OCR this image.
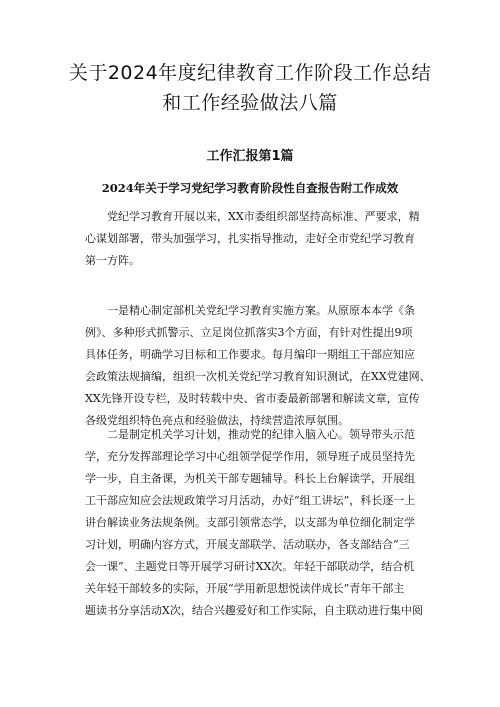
关于2024年度纪律教育工作阶段工作总结
和工作经验做法八篇
工作汇报第1篇
2024年关于学习党纪学习教育阶段性自查报告附工作成效
党纪学习教育开展以来，XX市委组织部坚持高标准、严要求，精
心谋划部署，带头加强学习，扎实指导推动，走好全市党纪学习教育
第一方阵。
一是精心制定部机关党纪学习教育实施方案。从原原本本学《条
例》、多种形式抓警示、立足岗位抓落实3个方面，有针对性提出9项
具体任务，明确学习目标和工作要求。每月编印一期组工干部应知应
会政策法规摘编，组织一次机关党纪学习教育知识测试，在XX党建网、
XX先锋开设专栏，及时转载中央、省市委最新部署和解读文章，宣传
各级党组织特色亮点和经验做法，持续营造浓厚氛围。
二是制定机关学习计划，推动党的纪律入脑入心。领导带头示范
学，充分发挥部理论学习中心组领学促学作用，领导班子成员坚持先
学一步，自主备课，为机关干部专题辅导。科长上台解读学，开展组
工干部应知应会法规政策学习月活动，办好“组工讲坛”，科长逐一上
讲台解读业务法规条例。支部引领常态学，以支部为单位细化制定学
习计划，明确内容方式，开展支部联学、活动联办，各支部结合“三
会一课”、主题党日等开展学习研讨XX次。年轻干部联动学，结合机
关年轻干部较多的实际，开展“学用新思想悦读伴成长”青年干部主
题读书分享活动X次，结合兴趣爱好和工作实际，自主联动进行集中阅
